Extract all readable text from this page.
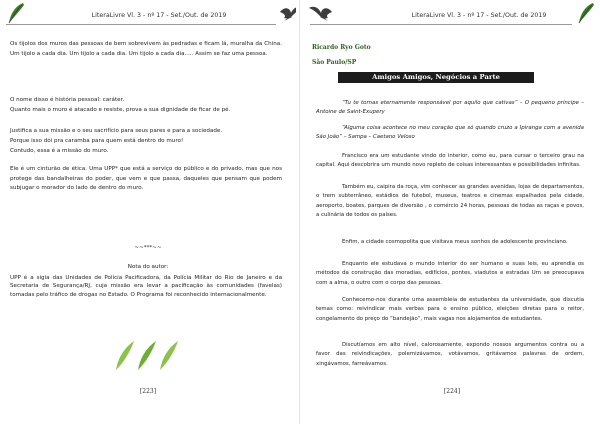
LiteraLivre Vl. 3 - nº 17 - Set./Out. de 2019

Os tijolos dos muros das pessoas de bem sobrevivem às pedradas e ficam lá, muralha da China. Um tijolo a cada dia. Um tijolo a cada dia. Um tijolo a cada dia..... Assim se faz uma pessoa.

O nome disso é história pessoal: caráter.

Quanto mais o muro é atacado e resiste, prova a sua dignidade de ficar de pé.

Justifica a sua missão e o seu sacrifício para seus pares e para a sociedade.

Porque isso dói pra caramba para quem está dentro do muro!

Contudo, essa é a missão do muro.

Ele é um cinturão de ética. Uma UPP* que está a serviço do público e do privado, mas que nos protege das bandalheiras do poder, que vem e que passa, daqueles que pensam que podem subjugar o morador do lado de dentro do muro.

~~***~~
Nota do autor:

UPP é a sigla das Unidades de Polícia Pacificadora, da Polícia Militar do Rio de Janeiro e da Secretaria de Segurança/RJ, cuja missão era levar a pacificação às comunidades (favelas) tomadas pelo tráfico de drogas no Estado. O Programa foi reconhecido internacionalmente.

[223]
LiteraLivre Vl. 3 - nº 17 - Set./Out. de 2019
Ricardo Ryo Goto
São Paulo/SP
Amigos Amigos, Negócios a Parte

“Tu te tornas eternamente responsável por aquilo que cativas” – O pequeno príncipe – Antoine de Saint-Exupery

“Alguma coisa acontece no meu coração que só quando cruzo a Ipiranga com a avenida São João” – Sampa – Caetano Veloso

Francisco era um estudante vindo do interior, como eu, para cursar o terceiro grau na capital. Aqui descobrira um mundo novo repleto de coisas interessantes e possibilidades infinitas.

Também eu, caipira da roça, vim conhecer as grandes avenidas, lojas de departamentos, o trem subterrâneo, estádios de futebol, museus, teatros e cinemas espalhados pela cidade, aeroporto, boates, parques de diversão , o comércio 24 horas, pessoas de todas as raças e povos, a culinária de todos os países.

Enfim, a cidade cosmopolita que visitava meus sonhos de adolescente provinciano.

Enquanto ele estudava o mundo interior do ser humano e suas leis, eu aprendia os métodos da construção das moradias, edifícios, pontes, viadutos e estradas Um se preocupava com a alma, o outro com o corpo das pessoas.

Conhecemo-nos durante uma assembleia de estudantes da universidade, que discutia temas como: reivindicar mais verbas para o ensino público, eleições diretas para o reitor, congelamento do preço do “bandejão”, mais vagas nos alojamentos de estudantes.

Discutíamos em alto nível, calorosamente, expondo nossos argumentos contra ou a favor das reivindicações, polemizávamos, votávamos, gritávamos palavras de ordem, xingávamos, farreávamos.

[224]
